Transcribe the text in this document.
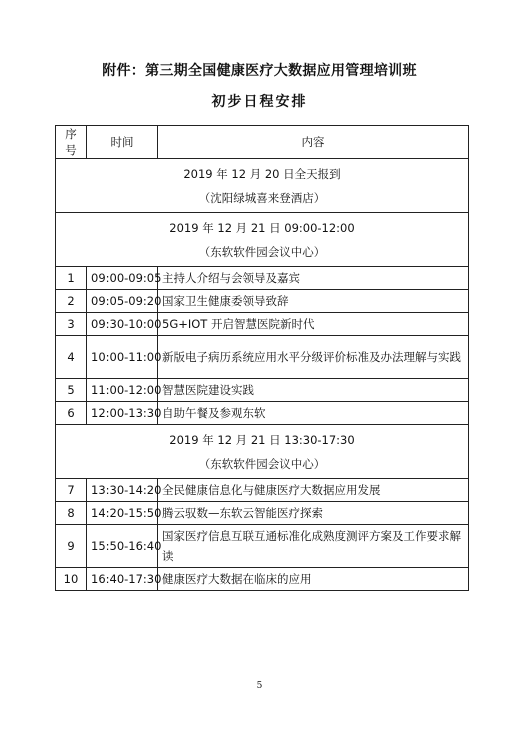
附件：第三期全国健康医疗大数据应用管理培训班
初步日程安排
序号	时间	内容

2019 年 12 月 20 日全天报到
（沈阳绿城喜来登酒店）		

2019 年 12 月 21 日 09:00-12:00
（东软软件园会议中心）		

1	09:00-09:05	主持人介绍与会领导及嘉宾
2	09:05-09:20	国家卫生健康委领导致辞
3	09:30-10:00	5G+IOT 开启智慧医院新时代
4	10:00-11:00	新版电子病历系统应用水平分级评价标准及办法理解与实践
5	11:00-12:00	智慧医院建设实践
6	12:00-13:30	自助午餐及参观东软

2019 年 12 月 21 日 13:30-17:30
（东软软件园会议中心）		

7	13:30-14:20	全民健康信息化与健康医疗大数据应用发展
8	14:20-15:50	腾云驭数—东软云智能医疗探索
9	15:50-16:40	国家医疗信息互联互通标准化成熟度测评方案及工作要求解读
10	16:40-17:30	健康医疗大数据在临床的应用
5
